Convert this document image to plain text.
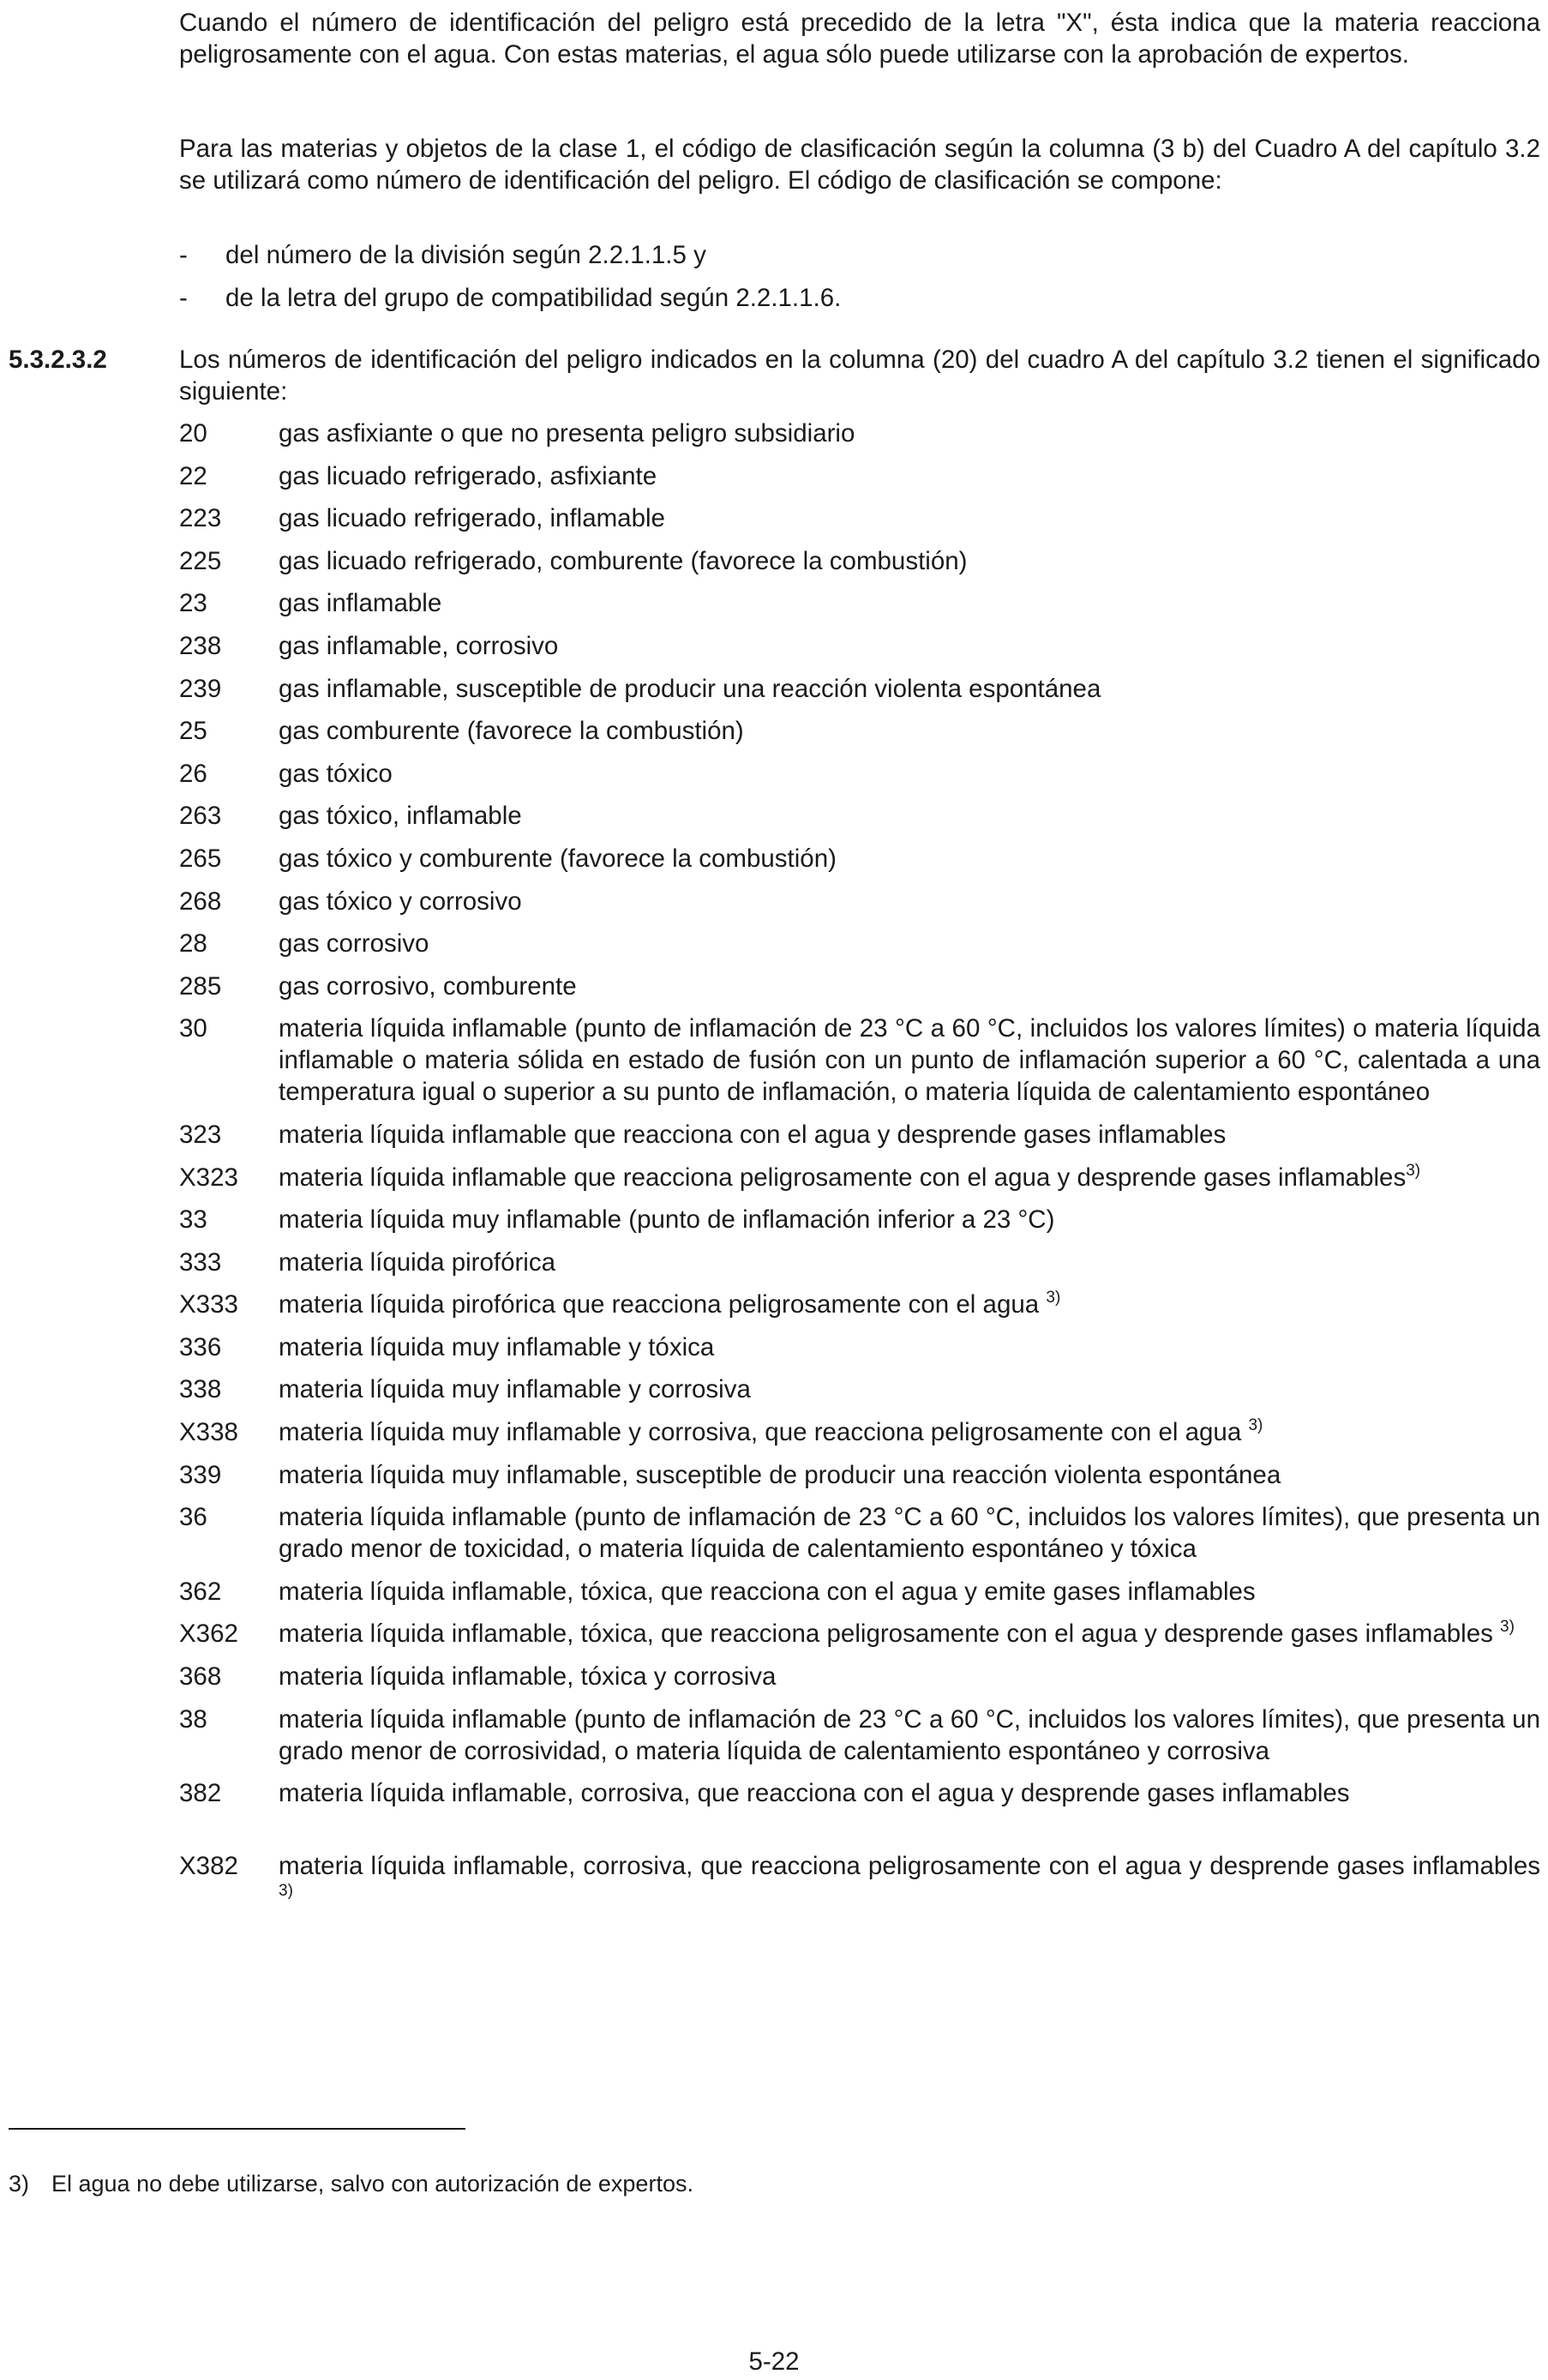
Cuando el número de identificación del peligro está precedido de la letra "X", ésta indica que la materia reacciona peligrosamente con el agua. Con estas materias, el agua sólo puede utilizarse con la aprobación de expertos.

Para las materias y objetos de la clase 1, el código de clasificación según la columna (3 b) del Cuadro A del capítulo 3.2 se utilizará como número de identificación del peligro. El código de clasificación se compone:

- del número de la división según 2.2.1.1.5 y
- de la letra del grupo de compatibilidad según 2.2.1.1.6.
5.3.2.3.2	Los números de identificación del peligro indicados en la columna (20) del cuadro A del capítulo 3.2 tienen el significado siguiente:

20	gas asfixiante o que no presenta peligro subsidiario
22	gas licuado refrigerado, asfixiante
223 gas licuado refrigerado, inflamable
225 gas licuado refrigerado, comburente (favorece la combustión)
23	gas inflamable
238 gas inflamable, corrosivo
239 gas inflamable, susceptible de producir una reacción violenta espontánea
25	gas comburente (favorece la combustión)
26	gas tóxico
263 gas tóxico, inflamable
265 gas tóxico y comburente (favorece la combustión)
268 gas tóxico y corrosivo
28	gas corrosivo
285 gas corrosivo, comburente
30	materia líquida inflamable (punto de inflamación de 23 °C a 60 °C, incluidos los valores límites) o materia líquida inflamable o materia sólida en estado de fusión con un punto de inflamación superior a 60 °C, calentada a una temperatura igual o superior a su punto de inflamación, o materia líquida de calentamiento espontáneo
323 materia líquida inflamable que reacciona con el agua y desprende gases inflamables
X323 materia líquida inflamable que reacciona peligrosamente con el agua y desprende gases inflamables$^{3)}$
33	materia líquida muy inflamable (punto de inflamación inferior a 23 °C)
333 materia líquida pirofórica
X333 materia líquida pirofórica que reacciona peligrosamente con el agua $^{3)}$
336 materia líquida muy inflamable y tóxica
338 materia líquida muy inflamable y corrosiva
X338 materia líquida muy inflamable y corrosiva, que reacciona peligrosamente con el agua $^{3)}$
339 materia líquida muy inflamable, susceptible de producir una reacción violenta espontánea
36	materia líquida inflamable (punto de inflamación de 23 °C a 60 °C, incluidos los valores límites), que presenta un grado menor de toxicidad, o materia líquida de calentamiento espontáneo y tóxica
362 materia líquida inflamable, tóxica, que reacciona con el agua y emite gases inflamables
X362 materia líquida inflamable, tóxica, que reacciona peligrosamente con el agua y desprende gases inflamables $^{3)}$
368 materia líquida inflamable, tóxica y corrosiva
38	materia líquida inflamable (punto de inflamación de 23 °C a 60 °C, incluidos los valores límites), que presenta un grado menor de corrosividad, o materia líquida de calentamiento espontáneo y corrosiva
382 materia líquida inflamable, corrosiva, que reacciona con el agua y desprende gases inflamables
X382 materia líquida inflamable, corrosiva, que reacciona peligrosamente con el agua y desprende gases inflamables $^{3)}$
3) El agua no debe utilizarse, salvo con autorización de expertos.
5-22
